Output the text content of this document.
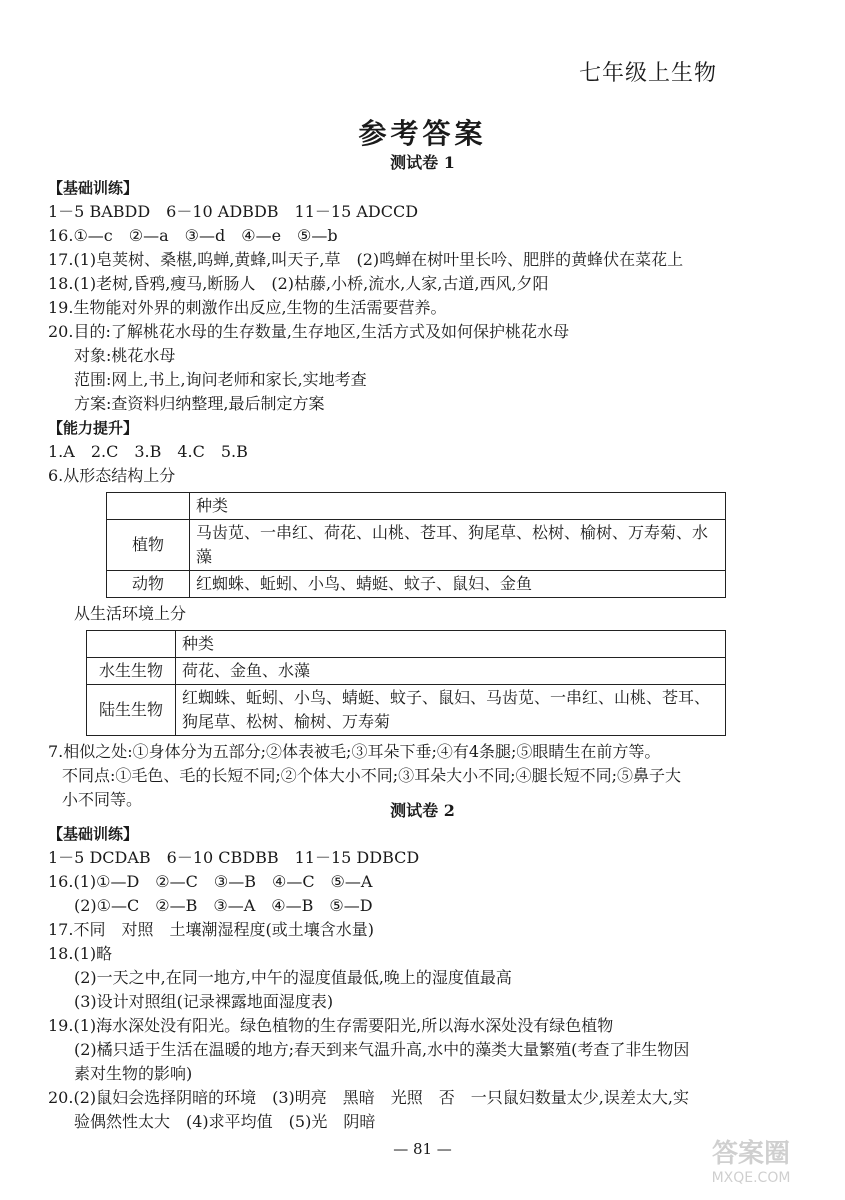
七年级上生物
参考答案
测试卷 1
【基础训练】
1－5 BABDD　6－10 ADBDB　11－15 ADCCD
16.①—c　②—a　③—d　④—e　⑤—b
17.(1)皂荚树、桑椹,呜蝉,黄蜂,叫天子,草　(2)鸣蝉在树叶里长吟、肥胖的黄蜂伏在菜花上
18.(1)老树,昏鸦,瘦马,断肠人　(2)枯藤,小桥,流水,人家,古道,西风,夕阳
19.生物能对外界的刺激作出反应,生物的生活需要营养。
20.目的:了解桃花水母的生存数量,生存地区,生活方式及如何保护桃花水母
对象:桃花水母
范围:网上,书上,询问老师和家长,实地考查
方案:查资料归纳整理,最后制定方案
【能力提升】
1.A　2.C　3.B　4.C　5.B
6.从形态结构上分
	种类
植物	马齿苋、一串红、荷花、山桃、苍耳、狗尾草、松树、榆树、万寿菊、水藻
动物	红蜘蛛、蚯蚓、小鸟、蜻蜓、蚊子、鼠妇、金鱼
从生活环境上分
	种类
水生生物	荷花、金鱼、水藻
陆生生物	红蜘蛛、蚯蚓、小鸟、蜻蜓、蚊子、鼠妇、马齿苋、一串红、山桃、苍耳、狗尾草、松树、榆树、万寿菊
7.相似之处:①身体分为五部分;②体表被毛;③耳朵下垂;④有4条腿;⑤眼睛生在前方等。
不同点:①毛色、毛的长短不同;②个体大小不同;③耳朵大小不同;④腿长短不同;⑤鼻子大
小不同等。
测试卷 2
【基础训练】
1－5 DCDAB　6－10 CBDBB　11－15 DDBCD
16.(1)①—D　②—C　③—B　④—C　⑤—A
(2)①—C　②—B　③—A　④—B　⑤—D
17.不同　对照　土壤潮湿程度(或土壤含水量)
18.(1)略
(2)一天之中,在同一地方,中午的湿度值最低,晚上的湿度值最高
(3)设计对照组(记录裸露地面湿度表)
19.(1)海水深处没有阳光。绿色植物的生存需要阳光,所以海水深处没有绿色植物
(2)橘只适于生活在温暖的地方;春天到来气温升高,水中的藻类大量繁殖(考查了非生物因
素对生物的影响)
20.(2)鼠妇会选择阴暗的环境　(3)明亮　黑暗　光照　否　一只鼠妇数量太少,误差太大,实
验偶然性太大　(4)求平均值　(5)光　阴暗
— 81 —	答案圈
MXQE.COM
